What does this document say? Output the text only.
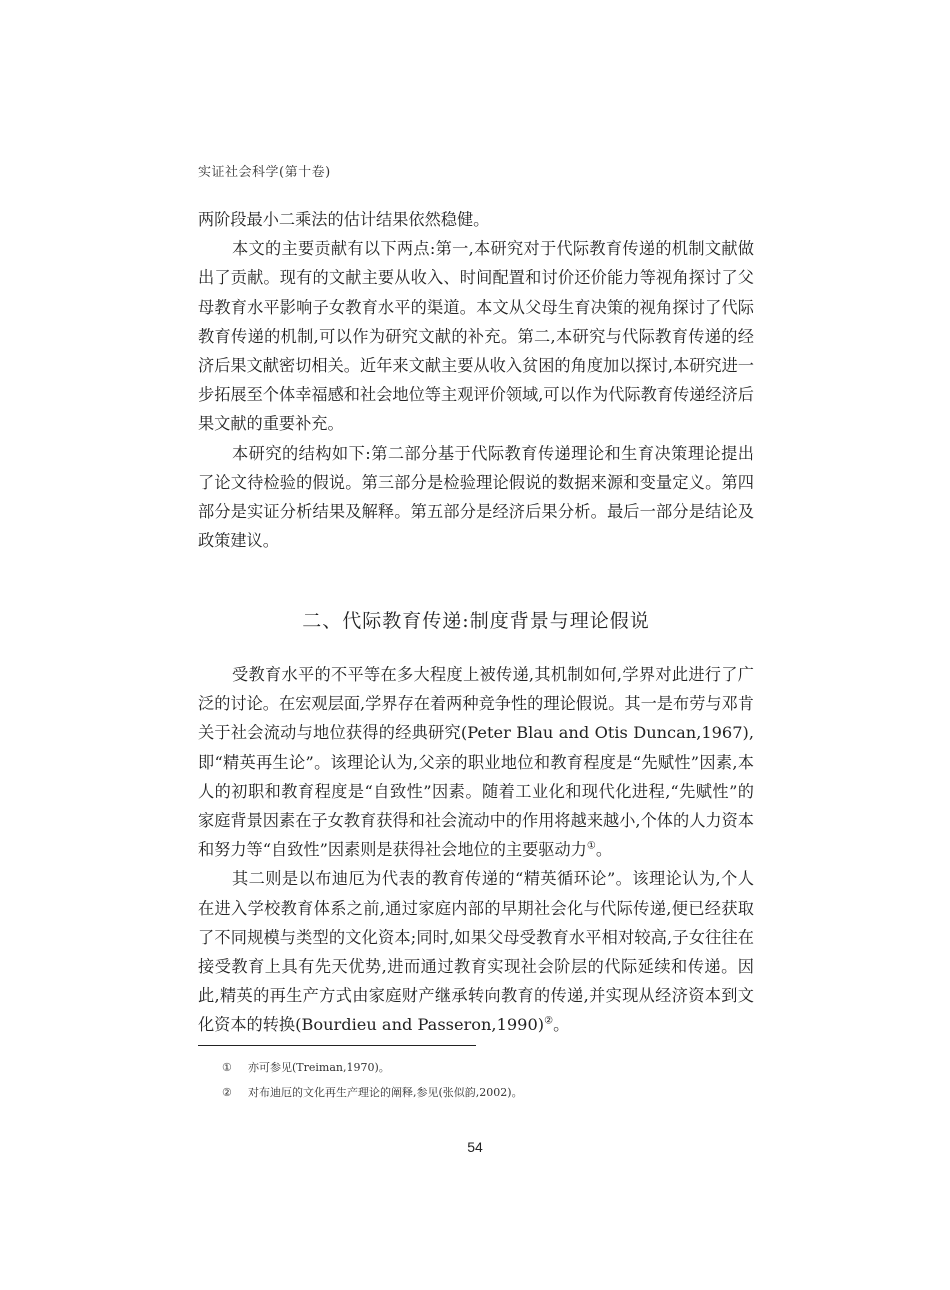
实证社会科学(第十卷)

两阶段最小二乘法的估计结果依然稳健。

本文的主要贡献有以下两点:第一,本研究对于代际教育传递的机制文献做出了贡献。现有的文献主要从收入、时间配置和讨价还价能力等视角探讨了父母教育水平影响子女教育水平的渠道。本文从父母生育决策的视角探讨了代际教育传递的机制,可以作为研究文献的补充。第二,本研究与代际教育传递的经济后果文献密切相关。近年来文献主要从收入贫困的角度加以探讨,本研究进一步拓展至个体幸福感和社会地位等主观评价领域,可以作为代际教育传递经济后果文献的重要补充。

本研究的结构如下:第二部分基于代际教育传递理论和生育决策理论提出了论文待检验的假说。第三部分是检验理论假说的数据来源和变量定义。第四部分是实证分析结果及解释。第五部分是经济后果分析。最后一部分是结论及政策建议。

二、代际教育传递:制度背景与理论假说

受教育水平的不平等在多大程度上被传递,其机制如何,学界对此进行了广泛的讨论。在宏观层面,学界存在着两种竞争性的理论假说。其一是布劳与邓肯关于社会流动与地位获得的经典研究(Peter Blau and Otis Duncan,1967),即“精英再生论”。该理论认为,父亲的职业地位和教育程度是“先赋性”因素,本人的初职和教育程度是“自致性”因素。随着工业化和现代化进程,“先赋性”的家庭背景因素在子女教育获得和社会流动中的作用将越来越小,个体的人力资本和努力等“自致性”因素则是获得社会地位的主要驱动力①。

其二则是以布迪厄为代表的教育传递的“精英循环论”。该理论认为,个人在进入学校教育体系之前,通过家庭内部的早期社会化与代际传递,便已经获取了不同规模与类型的文化资本;同时,如果父母受教育水平相对较高,子女往往在接受教育上具有先天优势,进而通过教育实现社会阶层的代际延续和传递。因此,精英的再生产方式由家庭财产继承转向教育的传递,并实现从经济资本到文化资本的转换(Bourdieu and Passeron,1990)②。

①	亦可参见(Treiman,1970)。
②	对布迪厄的文化再生产理论的阐释,参见(张似韵,2002)。
54
